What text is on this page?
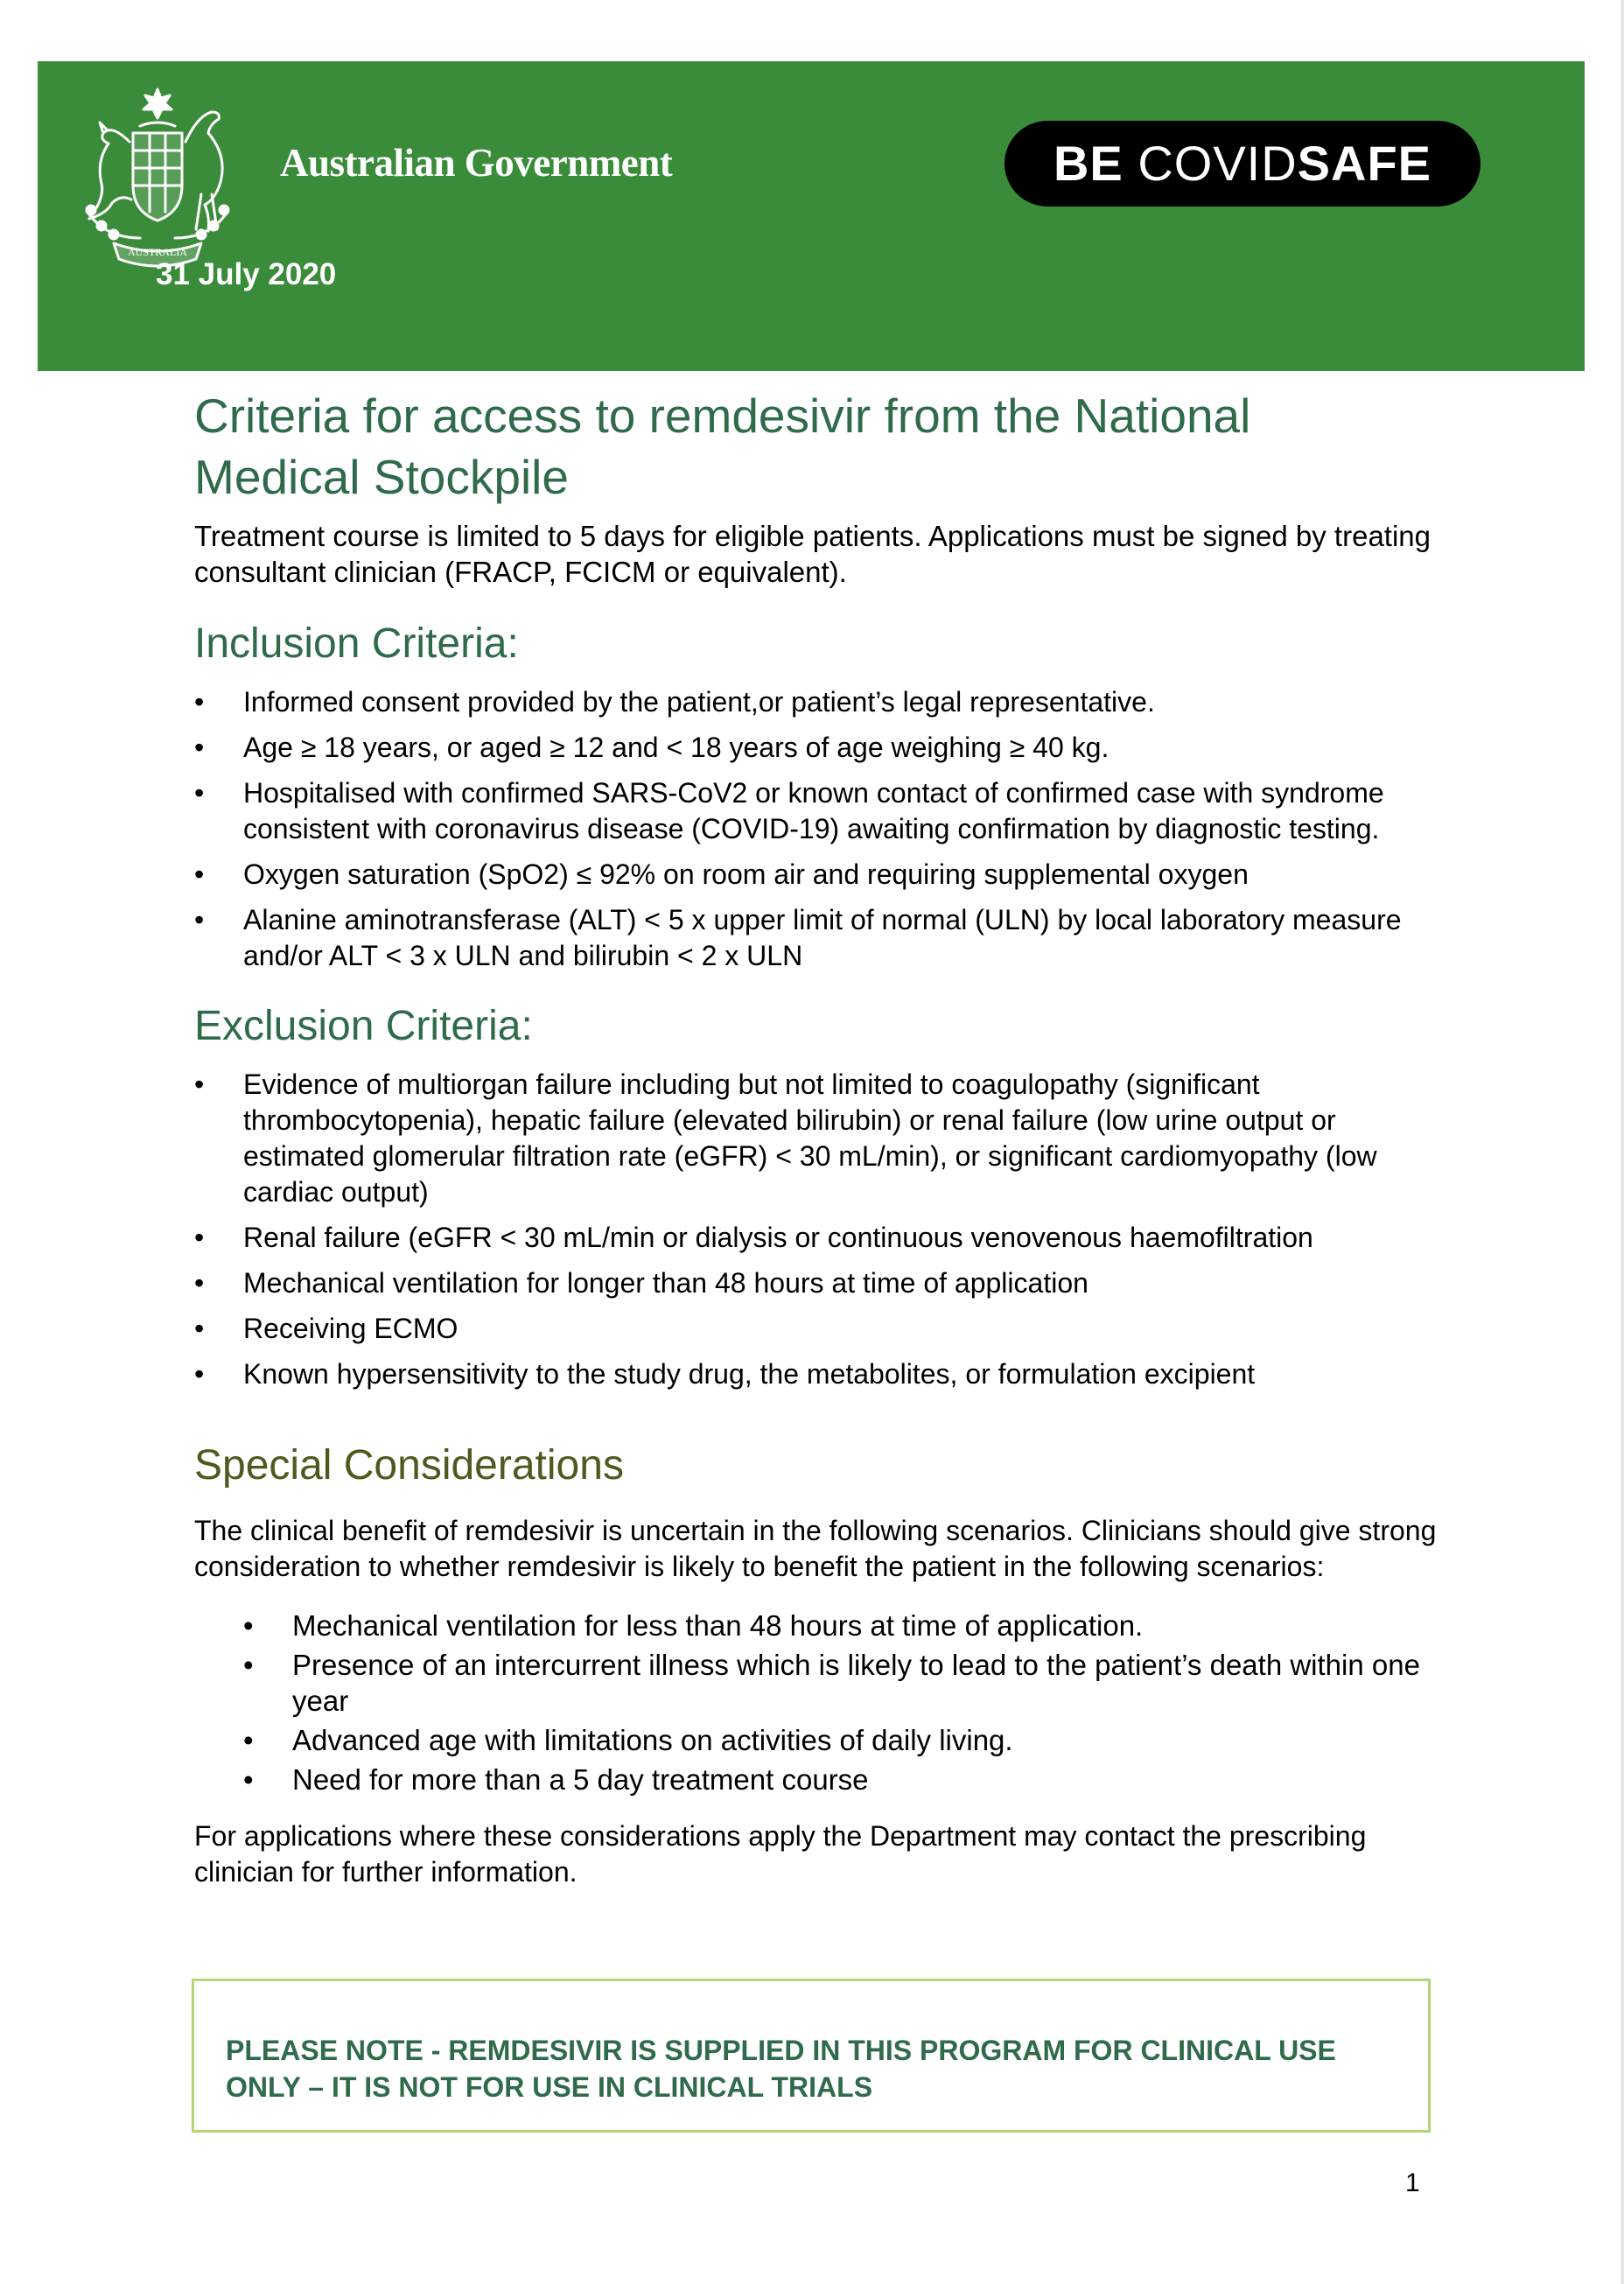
AUSTRALIA
Australian Government	BE COVIDSAFE
31 July 2020
Criteria for access to remdesivir from the National Medical Stockpile

Treatment course is limited to 5 days for eligible patients. Applications must be signed by treating consultant clinician (FRACP, FCICM or equivalent).

Inclusion Criteria:
• Informed consent provided by the patient,or patient’s legal representative.
• Age ≥ 18 years, or aged ≥ 12 and < 18 years of age weighing ≥ 40 kg.
• Hospitalised with confirmed SARS-CoV2 or known contact of confirmed case with syndrome consistent with coronavirus disease (COVID-19) awaiting confirmation by diagnostic testing.
• Oxygen saturation (SpO2) ≤ 92% on room air and requiring supplemental oxygen
• Alanine aminotransferase (ALT) < 5 x upper limit of normal (ULN) by local laboratory measure and/or ALT < 3 x ULN and bilirubin < 2 x ULN
Exclusion Criteria:
• Evidence of multiorgan failure including but not limited to coagulopathy (significant thrombocytopenia), hepatic failure (elevated bilirubin) or renal failure (low urine output or estimated glomerular filtration rate (eGFR) < 30 mL/min), or significant cardiomyopathy (low cardiac output)
• Renal failure (eGFR < 30 mL/min or dialysis or continuous venovenous haemofiltration
• Mechanical ventilation for longer than 48 hours at time of application
• Receiving ECMO
• Known hypersensitivity to the study drug, the metabolites, or formulation excipient
Special Considerations

The clinical benefit of remdesivir is uncertain in the following scenarios. Clinicians should give strong consideration to whether remdesivir is likely to benefit the patient in the following scenarios:

• Mechanical ventilation for less than 48 hours at time of application.
• Presence of an intercurrent illness which is likely to lead to the patient’s death within one year
• Advanced age with limitations on activities of daily living.
• Need for more than a 5 day treatment course

For applications where these considerations apply the Department may contact the prescribing clinician for further information.

PLEASE NOTE - REMDESIVIR IS SUPPLIED IN THIS PROGRAM FOR CLINICAL USE ONLY – IT IS NOT FOR USE IN CLINICAL TRIALS
1
